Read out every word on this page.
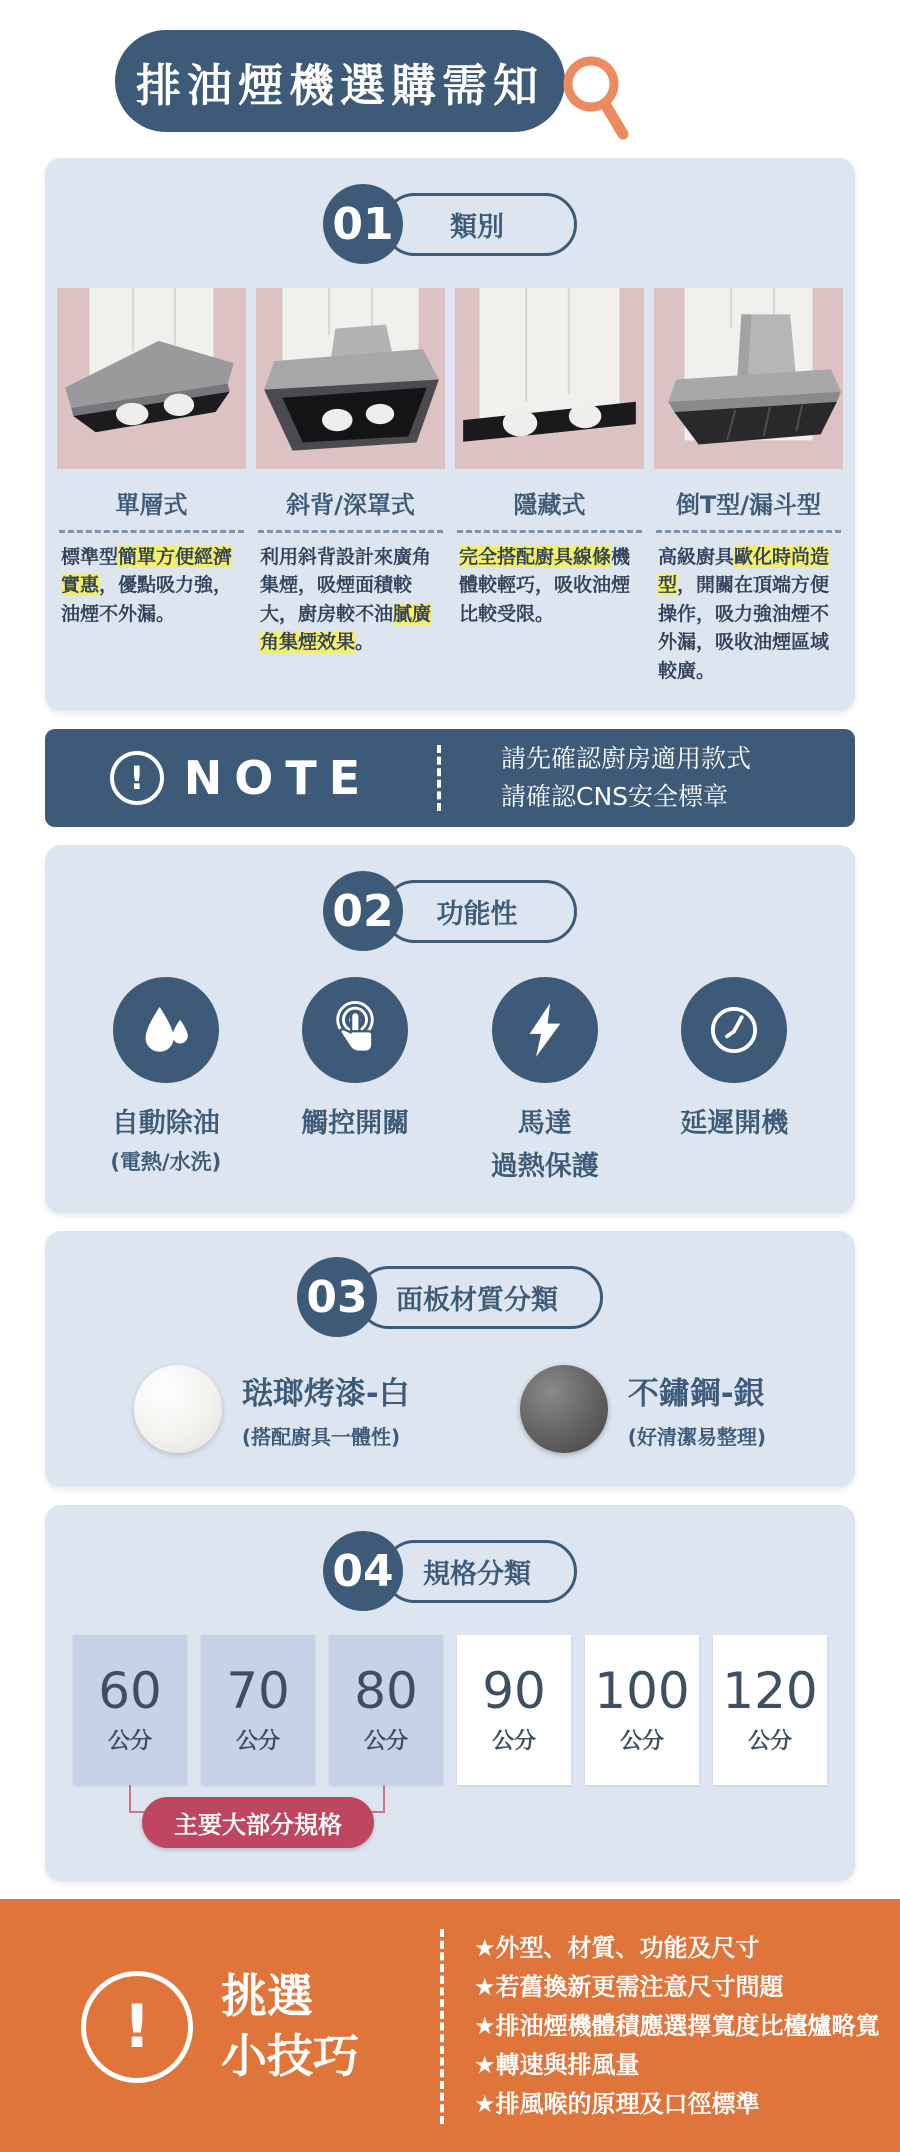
排油煙機選購需知
01	類別
單層式

標準型簡單方便經濟實惠，優點吸力強，油煙不外漏。

斜背/深罩式

利用斜背設計來廣角集煙，吸煙面積較大，廚房較不油膩廣角集煙效果。

隱藏式

完全搭配廚具線條機體較輕巧，吸收油煙比較受限。

倒T型/漏斗型

高級廚具歐化時尚造型，開關在頂端方便操作，吸力強油煙不外漏，吸收油煙區域較廣。

! NOTE	請先確認廚房適用款式
請確認CNS安全標章
02	功能性
自動除油
(電熱/水洗)
觸控開關	馬達
過熱保護
延遲開機
03	面板材質分類
琺瑯烤漆-白
(搭配廚具一體性)
不鏽鋼-銀
(好清潔易整理)
04	規格分類
60
公分
70
公分
80
公分
90
公分
100
公分
120
公分
主要大部分規格
!	挑選
小技巧
★外型、材質、功能及尺寸
★若舊換新更需注意尺寸問題
★排油煙機體積應選擇寬度比檯爐略寬
★轉速與排風量
★排風喉的原理及口徑標準
